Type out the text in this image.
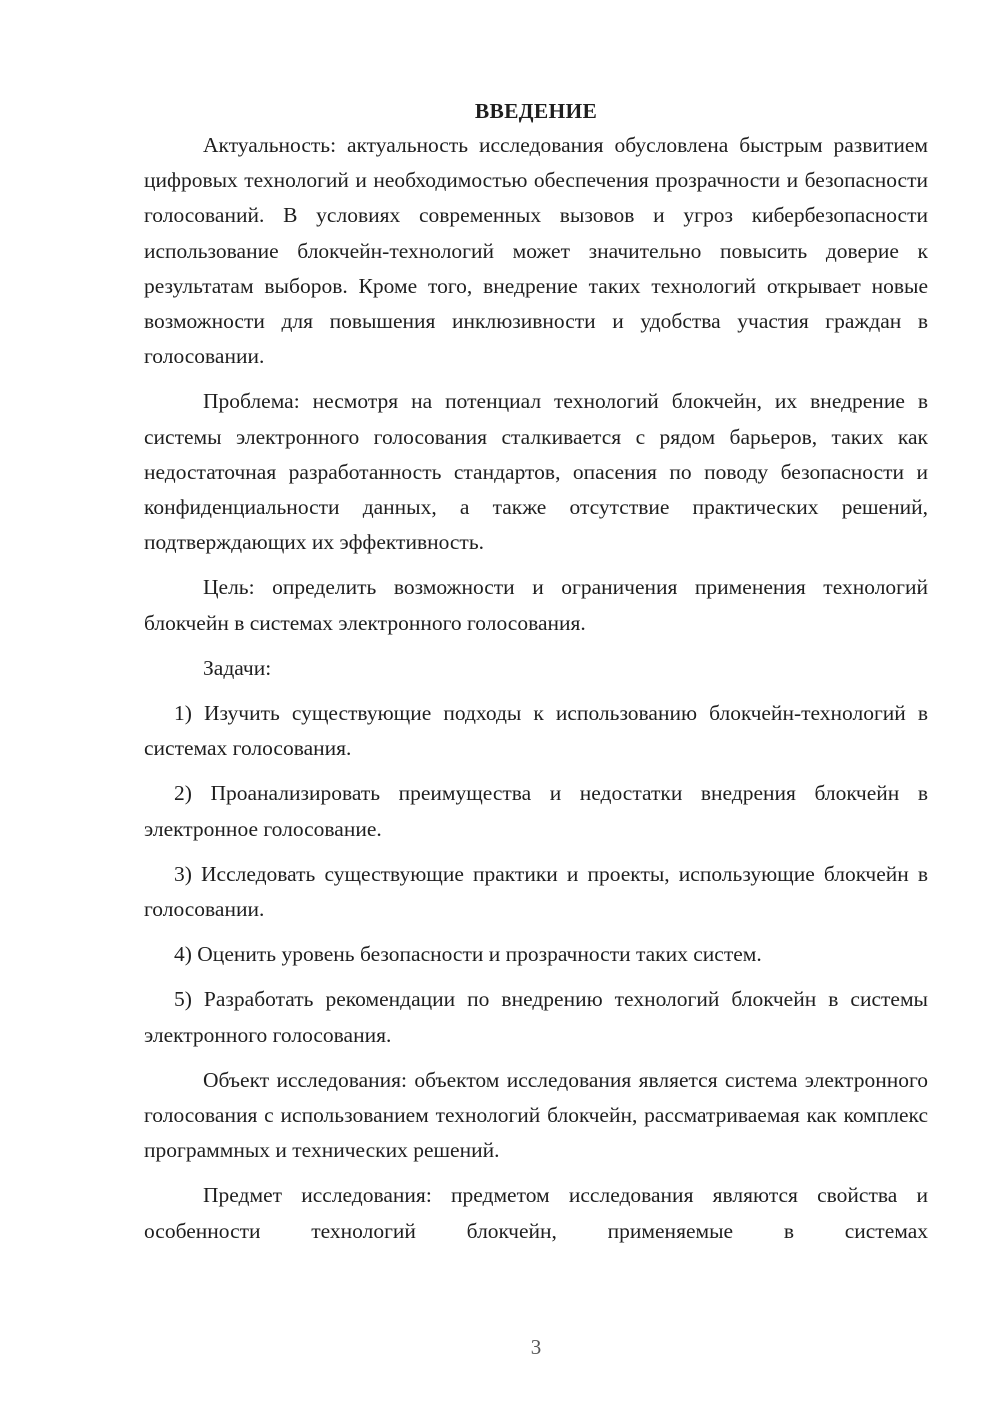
ВВЕДЕНИЕ

Актуальность: актуальность исследования обусловлена быстрым развитием цифровых технологий и необходимостью обеспечения прозрачности и безопасности голосований. В условиях современных вызовов и угроз кибербезопасности использование блокчейн-технологий может значительно повысить доверие к результатам выборов. Кроме того, внедрение таких технологий открывает новые возможности для повышения инклюзивности и удобства участия граждан в голосовании.

Проблема: несмотря на потенциал технологий блокчейн, их внедрение в системы электронного голосования сталкивается с рядом барьеров, таких как недостаточная разработанность стандартов, опасения по поводу безопасности и конфиденциальности данных, а также отсутствие практических решений, подтверждающих их эффективность.

Цель: определить возможности и ограничения применения технологий блокчейн в системах электронного голосования.

Задачи:

1) Изучить существующие подходы к использованию блокчейн-технологий в системах голосования.

2) Проанализировать преимущества и недостатки внедрения блокчейн в электронное голосование.

3) Исследовать существующие практики и проекты, использующие блокчейн в голосовании.

4) Оценить уровень безопасности и прозрачности таких систем.

5) Разработать рекомендации по внедрению технологий блокчейн в системы электронного голосования.

Объект исследования: объектом исследования является система электронного голосования с использованием технологий блокчейн, рассматриваемая как комплекс программных и технических решений.

Предмет исследования: предметом исследования являются свойства и особенности технологий блокчейн, применяемые в системах

3
